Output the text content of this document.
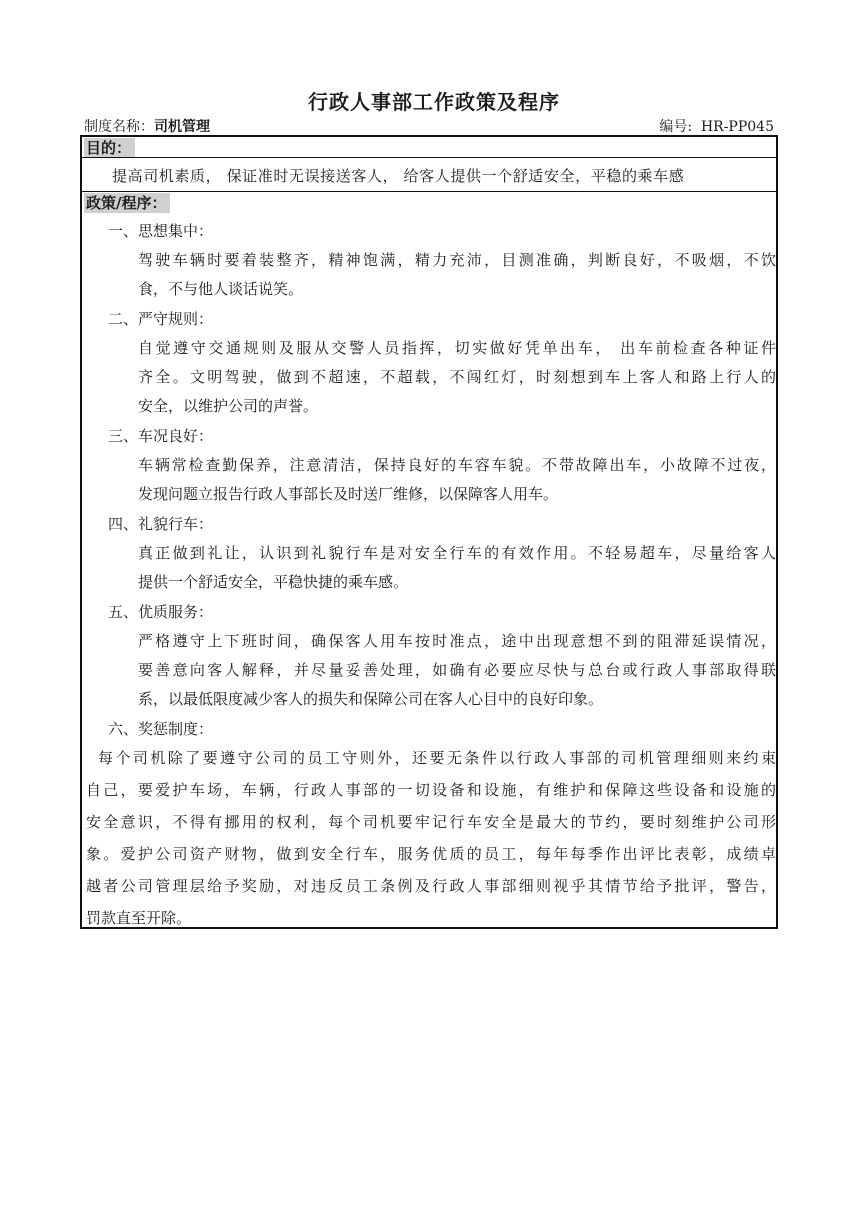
行政人事部工作政策及程序
制度名称：司机管理	编号: HR-PP045
目的：
提高司机素质， 保证准时无误接送客人， 给客人提供一个舒适安全，平稳的乘车感
政策/程序：
一、思想集中：
驾驶车辆时要着装整齐，精神饱满，精力充沛，目测准确，判断良好，不吸烟，不饮
食，不与他人谈话说笑。
二、严守规则：
自觉遵守交通规则及服从交警人员指挥，切实做好凭单出车， 出车前检查各种证件
齐全。文明驾驶，做到不超速，不超载，不闯红灯，时刻想到车上客人和路上行人的
安全，以维护公司的声誉。
三、车况良好：
车辆常检查勤保养，注意清洁，保持良好的车容车貌。不带故障出车，小故障不过夜，
发现问题立报告行政人事部长及时送厂维修，以保障客人用车。
四、礼貌行车：
真正做到礼让，认识到礼貌行车是对安全行车的有效作用。不轻易超车，尽量给客人
提供一个舒适安全，平稳快捷的乘车感。
五、优质服务：
严格遵守上下班时间，确保客人用车按时准点，途中出现意想不到的阻滞延误情况，
要善意向客人解释，并尽量妥善处理，如确有必要应尽快与总台或行政人事部取得联
系，以最低限度减少客人的损失和保障公司在客人心目中的良好印象。
六、奖惩制度：
每个司机除了要遵守公司的员工守则外，还要无条件以行政人事部的司机管理细则来约束
自己，要爱护车场，车辆，行政人事部的一切设备和设施，有维护和保障这些设备和设施的
安全意识，不得有挪用的权利，每个司机要牢记行车安全是最大的节约，要时刻维护公司形
象。爱护公司资产财物，做到安全行车，服务优质的员工，每年每季作出评比表彰，成绩卓
越者公司管理层给予奖励，对违反员工条例及行政人事部细则视乎其情节给予批评，警告，
罚款直至开除。
